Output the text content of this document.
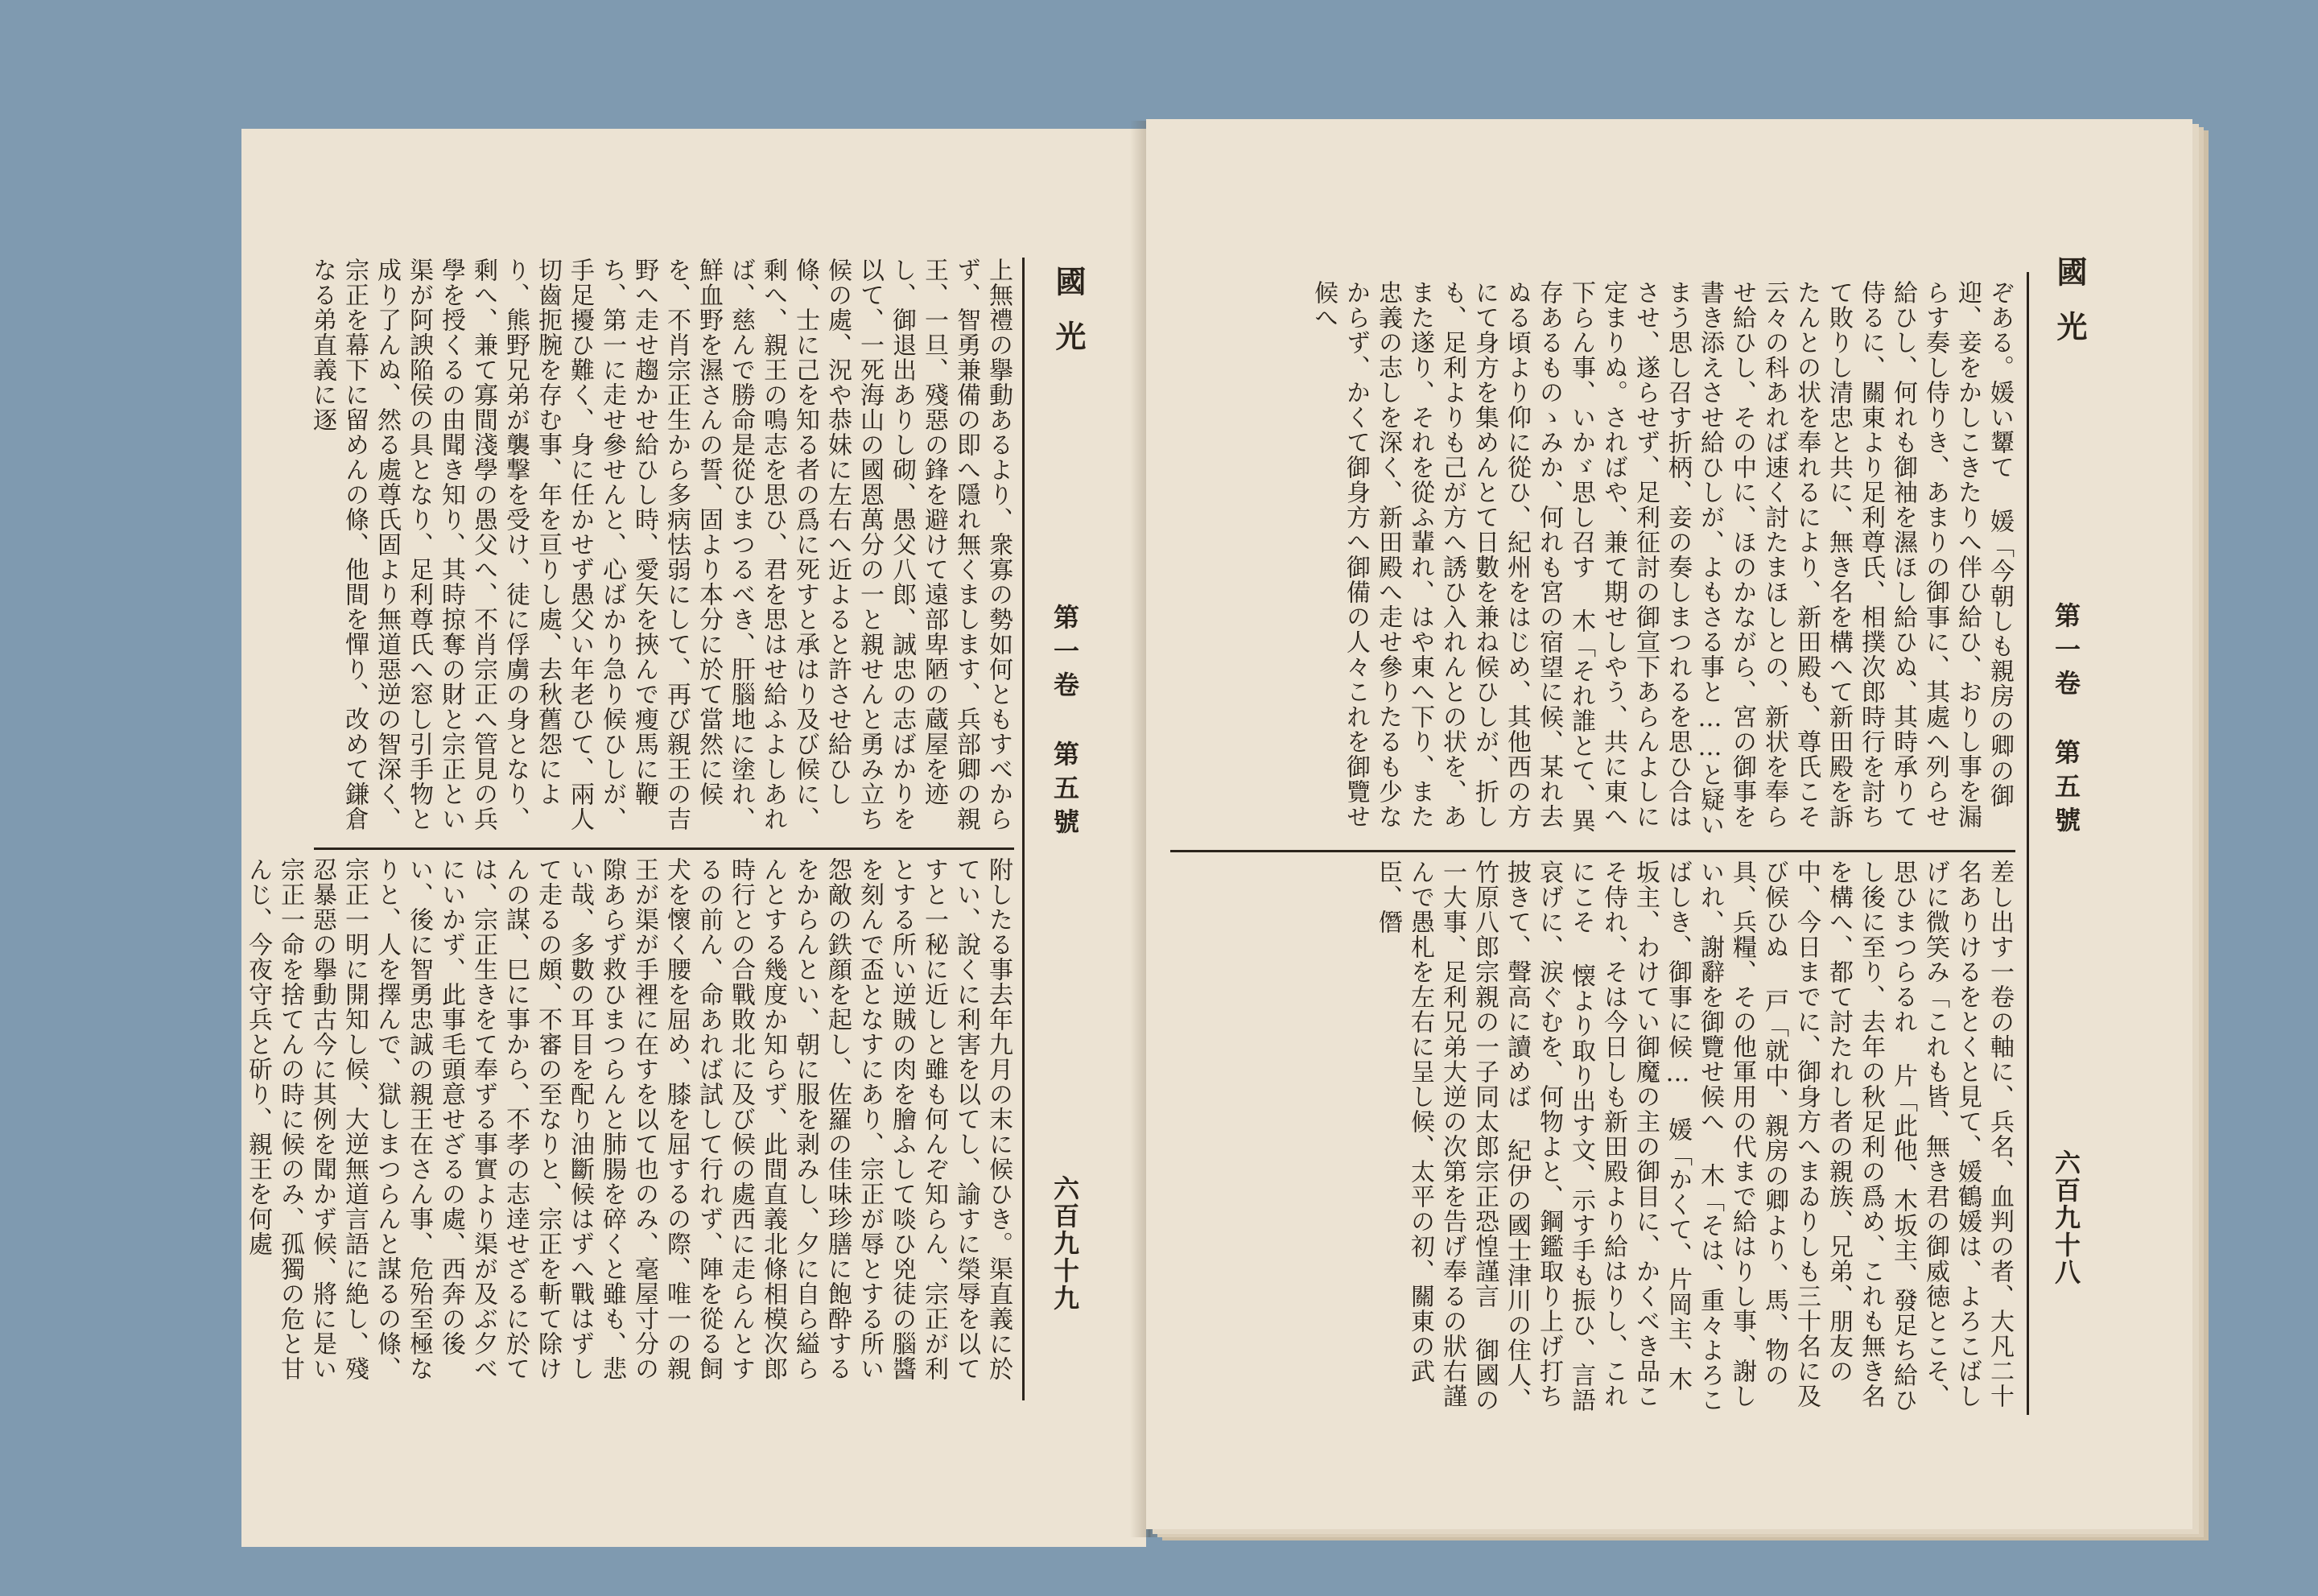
國光
第一卷
第五號
六百九十九
上無禮の擧動あるより、衆寡の勢如何ともすべからず、智勇兼備の即へ隱れ無くまします、兵部卿の親王、一旦、殘惡の鋒を避けて遠部卑陋の蔵屋を迹し、御退出ありし砌、愚父八郎、誠忠の志ばかりを以て、一死海山の國恩萬分の一と親せんと勇み立ち候の處、況や恭妹に左右へ近よると許させ給ひし條、士に己を知る者の爲に死すと承はり及び候に、剩へ、親王の鳴志を思ひ、君を思はせ給ふよしあれば、慈んで勝命是從ひまつるべき、肝腦地に塗れ、鮮血野を濕さんの誓、固より本分に於て當然に候を、不肖宗正生から多病怯弱にして、再び親王の吉野へ走せ趨かせ給ひし時、愛矢を挾んで瘦馬に鞭ち、第一に走せ參せんと、心ばかり急り候ひしが、手足擾ひ難く、身に任かせず愚父い年老ひて、兩人切齒扼腕を存む事、年を亘りし處、去秋舊怨により、熊野兄弟が襲撃を受け、徒に俘虜の身となり、剩へ、兼て寡間淺學の愚父へ、不肖宗正へ管見の兵學を授くるの由聞き知り、其時掠奪の財と宗正とい渠が阿諛陥侯の具となり、足利尊氏へ窓し引手物と成り了んぬ、然る處尊氏固より無道惡逆の智深く、宗正を幕下に留めんの條、他間を憚り、改めて鎌倉なる弟直義に逐
附したる事去年九月の末に候ひき。渠直義に於てい、說くに利害を以てし、諭すに榮辱を以てすと一秘に近しと雖も何んぞ知らん、宗正が利とする所い逆賊の肉を膾ふして啖ひ兇徒の腦醬を刻んで盃となすにあり、宗正が辱とする所い怨敵の鉄顔を起し、佐羅の佳味珍膳に飽酔するをからんとい、朝に服を剥みし、夕に自ら縊らんとする幾度か知らず、此間直義北條相模次郎時行との合戰敗北に及び候の處西に走らんとするの前ん、命あれば試して行れず、陣を從る飼犬を懷く腰を屈め、膝を屈するの際、唯一の親王が渠が手裡に在すを以て也のみ、毫屋寸分の隙あらず救ひまつらんと肺腸を碎くと雖も、悲い哉、多數の耳目を配り油斷候はずへ戰はずして走るの頗、不審の至なりと、宗正を斬て除けんの謀、巳に事から、不孝の志逹せざるに於ては、宗正生きをて奉ずる事實より渠が及ぶ夕べにいかず、此事毛頭意せざるの處、西奔の後い、後に智勇忠誠の親王在さん事、危殆至極なりと、人を擇んで、獄しまつらんと謀るの條、宗正一明に開知し候、大逆無道言語に絶し、殘忍暴惡の擧動古今に其例を聞かず候、將に是い宗正一命を捨てんの時に候のみ、孤獨の危と甘んじ、今夜守兵と斫り、親王を何處
國光
第一卷
第五號
六百九十八
ぞある。媛い顰て 媛「今朝しも親房の卿の御迎、妾をかしこきたりへ伴ひ給ひ、おりし事を漏らす奏し侍りき、あまりの御事に、其處へ列らせ給ひし、何れも御袖を濕ほし給ひぬ、其時承りて侍るに、關東より足利尊氏、相撲次郎時行を討ちて敗りし清忠と共に、無き名を構へて新田殿を訴たんとの状を奉れるにより、新田殿も、尊氏こそ云々の科あれば速く討たまほしとの、新状を奉らせ給ひし、その中に、ほのかながら、宮の御事を書き添えさせ給ひしが、よもさる事と……と疑いまう思し召す折柄、妾の奏しまつれるを思ひ合はさせ、遂らせず、足利征討の御宣下あらんよしに定まりぬ。さればや、兼て期せしやう、共に東へ下らん事、いかゞ思し召す 木「それ誰とて、異存あるものゝみか、何れも宮の宿望に候、某れ去ぬる頃より仰に從ひ、紀州をはじめ、其他西の方にて身方を集めんとて日數を兼ね候ひしが、折しも、足利よりも己が方へ誘ひ入れんとの状を、あまた遂り、それを從ふ輩れ、はや東へ下り、また忠義の志しを深く、新田殿へ走せ參りたるも少なからず、かくて御身方へ御備の人々これを御覽せ候へ
差し出す一卷の軸に、兵名、血判の者、大凡二十名ありけるをとくと見て、媛鶴媛は、よろこばしげに微笑み「これも皆、無き君の御威徳とこそ、思ひまつらるれ 片「此他、木坂主、發足ち給ひし後に至り、去年の秋足利の爲め、これも無き名を構へ、都て討たれし者の親族、兄弟、朋友の中、今日までに、御身方へまゐりしも三十名に及び候ひぬ 戸「就中、親房の卿より、馬、物の具、兵糧、その他軍用の代まで給はりし事、謝しいれ、謝辭を御覽せ候へ 木「そは、重々よろこばしき、御事に候… 媛「かくて、片岡主、木坂主、わけてい御魔の主の御目に、かくべき品こそ侍れ、そは今日しも新田殿より給はりし、これにこそ 懐より取り出す文、示す手も振ひ、言語哀げに、涙ぐむを、何物よと、鋼鑑取り上げ打ち披きて、聲高に讀めば 紀伊の國士津川の住人、竹原八郎宗親の一子同太郎宗正恐惶謹言 御國の一大事、足利兄弟大逆の次第を告げ奉るの狀右謹んで愚札を左右に呈し候、太平の初、關東の武臣、僭
